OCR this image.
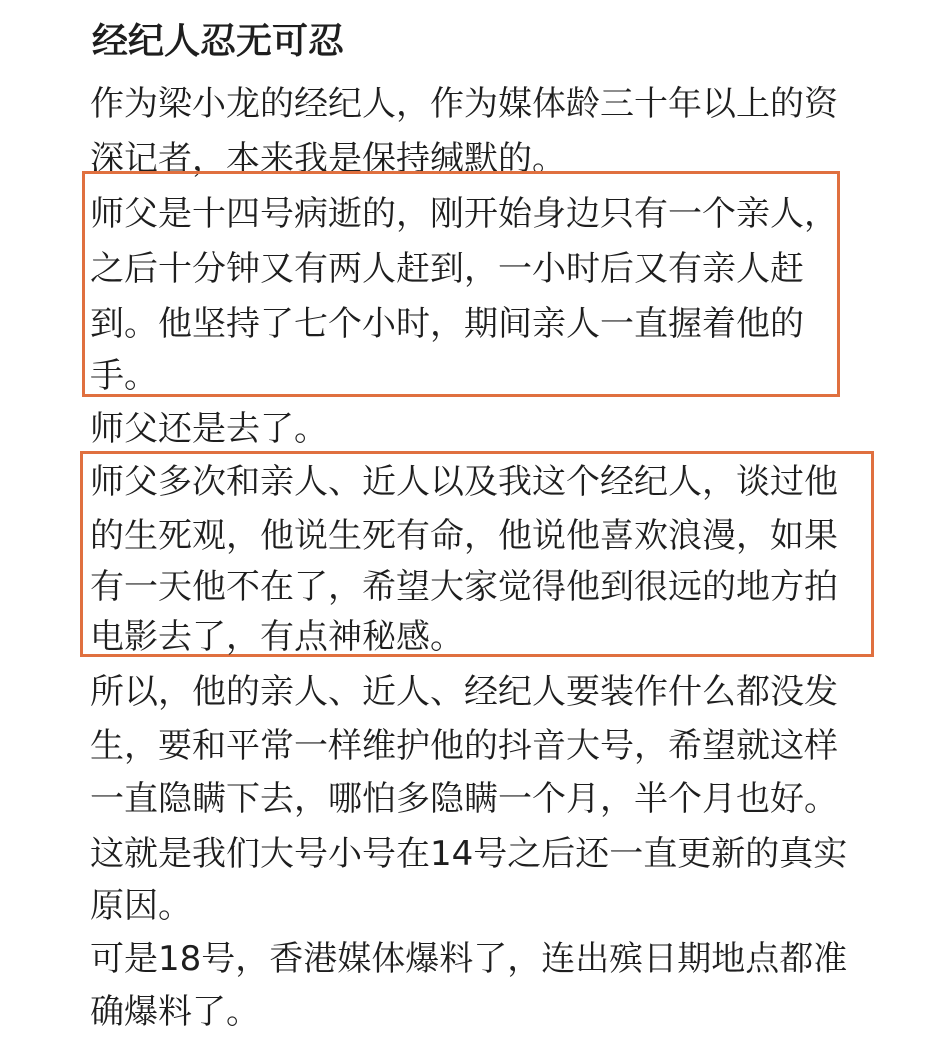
经纪人忍无可忍
作为梁小龙的经纪人，作为媒体龄三十年以上的资
深记者，本来我是保持缄默的。
师父是十四号病逝的，刚开始身边只有一个亲人，
之后十分钟又有两人赶到，一小时后又有亲人赶
到。他坚持了七个小时，期间亲人一直握着他的
手。
师父还是去了。
师父多次和亲人、近人以及我这个经纪人，谈过他
的生死观，他说生死有命，他说他喜欢浪漫，如果
有一天他不在了，希望大家觉得他到很远的地方拍
电影去了，有点神秘感。
所以，他的亲人、近人、经纪人要装作什么都没发
生，要和平常一样维护他的抖音大号，希望就这样
一直隐瞒下去，哪怕多隐瞒一个月，半个月也好。
这就是我们大号小号在14号之后还一直更新的真实
原因。
可是18号，香港媒体爆料了，连出殡日期地点都准
确爆料了。
